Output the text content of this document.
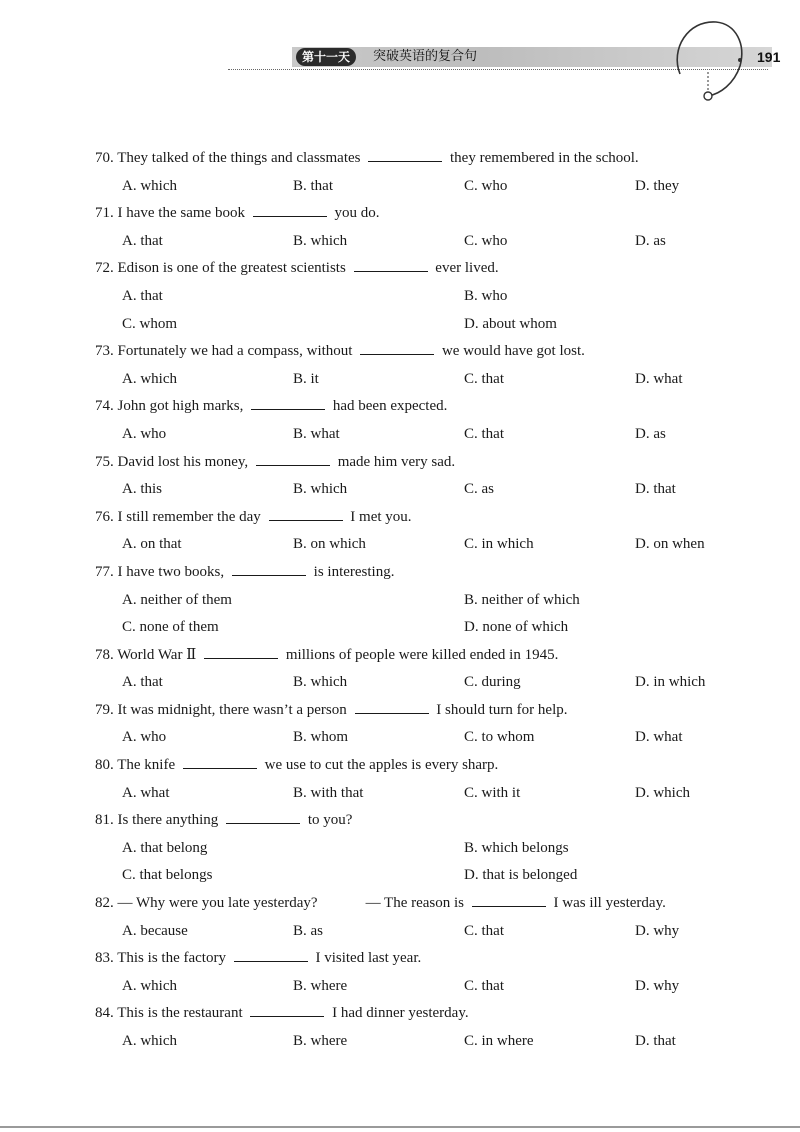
第十一天	突破英语的复合句	191
70. They talked of the things and classmates	they remembered in the school.
A. which	B. that	C. who	D. they
71. I have the same book	you do.
A. that	B. which	C. who	D. as
72. Edison is one of the greatest scientists	ever lived.
A. that	B. who
C. whom	D. about whom
73. Fortunately we had a compass, without	we would have got lost.
A. which	B. it	C. that	D. what
74. John got high marks,	had been expected.
A. who	B. what	C. that	D. as
75. David lost his money,	made him very sad.
A. this	B. which	C. as	D. that
76. I still remember the day	I met you.
A. on that	B. on which	C. in which	D. on when
77. I have two books,	is interesting.
A. neither of them	B. neither of which
C. none of them	D. none of which
78. World War Ⅱ	millions of people were killed ended in 1945.
A. that	B. which	C. during	D. in which
79. It was midnight, there wasn’t a person	I should turn for help.
A. who	B. whom	C. to whom	D. what
80. The knife	we use to cut the apples is every sharp.
A. what	B. with that	C. with it	D. which
81. Is there anything	to you?
A. that belong	B. which belongs
C. that belongs	D. that is belonged
82. — Why were you late yesterday?	— The reason is	I was ill yesterday.
A. because	B. as	C. that	D. why
83. This is the factory	I visited last year.
A. which	B. where	C. that	D. why
84. This is the restaurant	I had dinner yesterday.
A. which	B. where	C. in where	D. that
